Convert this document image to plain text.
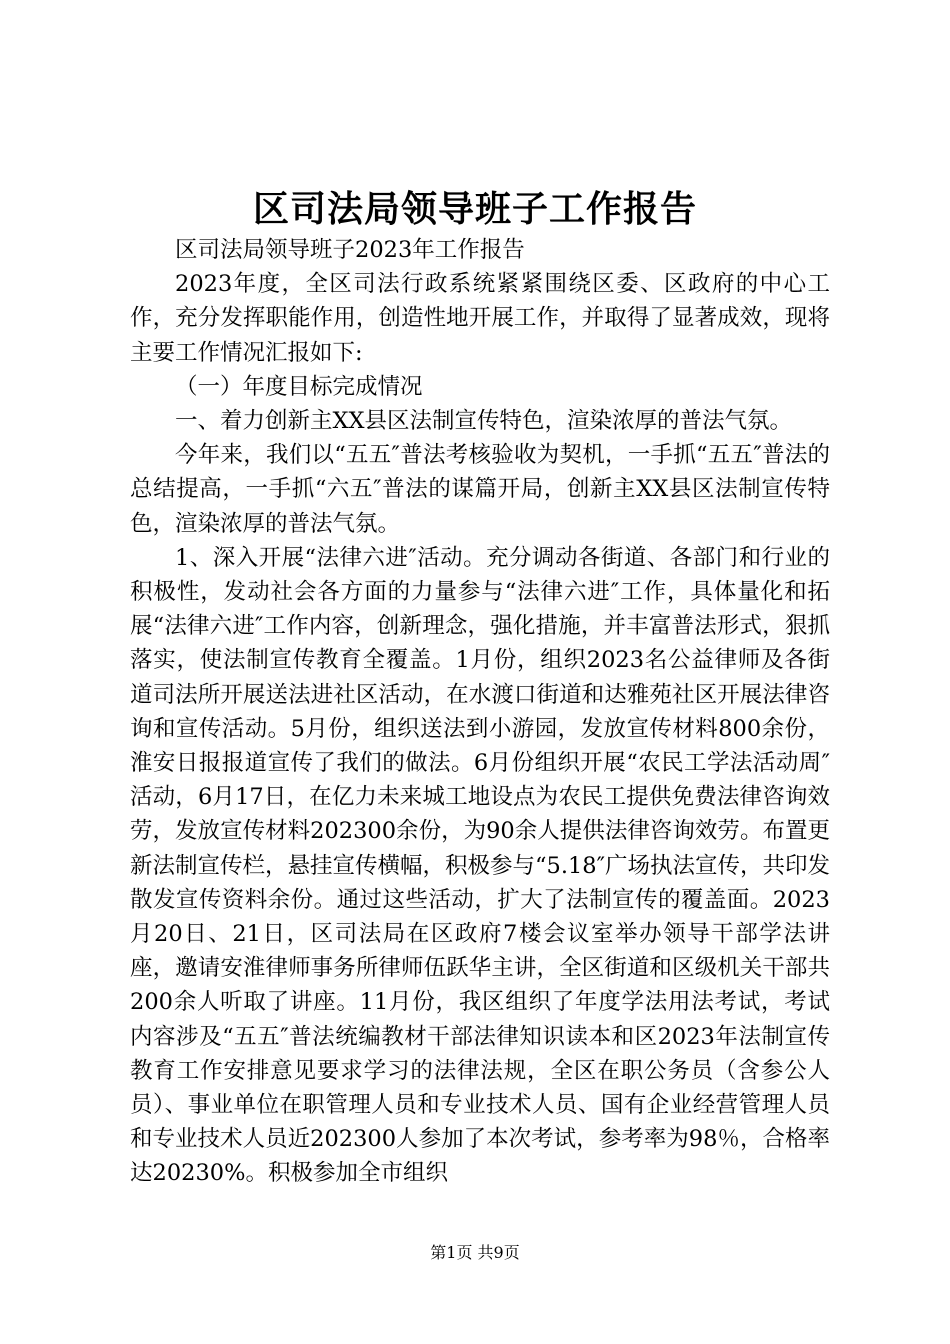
区司法局领导班子工作报告

区司法局领导班子2023年工作报告

2023年度，全区司法行政系统紧紧围绕区委、区政府的中心工作，充分发挥职能作用，创造性地开展工作，并取得了显著成效，现将主要工作情况汇报如下:

（一）年度目标完成情况

一、着力创新主XX县区法制宣传特色，渲染浓厚的普法气氛。

今年来，我们以“五五″普法考核验收为契机，一手抓“五五″普法的总结提高，一手抓“六五″普法的谋篇开局，创新主XX县区法制宣传特色，渲染浓厚的普法气氛。

1、深入开展“法律六进″活动。充分调动各街道、各部门和行业的积极性，发动社会各方面的力量参与“法律六进″工作，具体量化和拓展“法律六进″工作内容，创新理念，强化措施，并丰富普法形式，狠抓落实，使法制宣传教育全覆盖。1月份，组织2023名公益律师及各街道司法所开展送法进社区活动，在水渡口街道和达雅苑社区开展法律咨询和宣传活动。5月份，组织送法到小游园，发放宣传材料800余份，淮安日报报道宣传了我们的做法。6月份组织开展“农民工学法活动周″活动，6月17日，在亿力未来城工地设点为农民工提供免费法律咨询效劳，发放宣传材料202300余份，为90余人提供法律咨询效劳。布置更新法制宣传栏，悬挂宣传横幅，积极参与“5.18″广场执法宣传，共印发散发宣传资料余份。通过这些活动，扩大了法制宣传的覆盖面。2023月20日、21日，区司法局在区政府7楼会议室举办领导干部学法讲座，邀请安淮律师事务所律师伍跃华主讲，全区街道和区级机关干部共200余人听取了讲座。11月份，我区组织了年度学法用法考试，考试内容涉及“五五″普法统编教材干部法律知识读本和区2023年法制宣传教育工作安排意见要求学习的法律法规，全区在职公务员（含参公人员）、事业单位在职管理人员和专业技术人员、国有企业经营管理人员和专业技术人员近202300人参加了本次考试，参考率为98％，合格率达20230%。积极参加全市组织

第1页 共9页
